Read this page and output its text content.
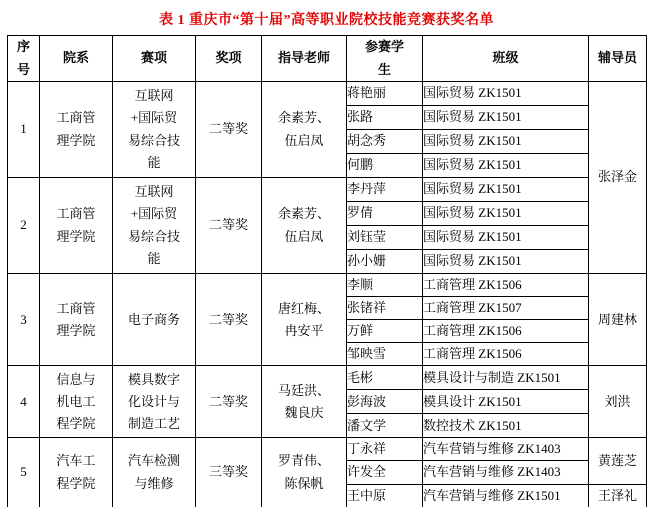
表 1 重庆市“第十届”高等职业院校技能竞赛获奖名单
序号	院系	赛项	奖项	指导老师	参赛学生	班级	辅导员

1	工商管理学院	互联网+国际贸易综合技能	二等奖	余素芳、伍启凤	蒋艳丽	国际贸易 ZK1501	张泽金
					张路	国际贸易 ZK1501	
					胡念秀	国际贸易 ZK1501	
					何鹏	国际贸易 ZK1501	
2	工商管理学院	互联网+国际贸易综合技能	二等奖	余素芳、伍启凤	李丹萍	国际贸易 ZK1501	
					罗倩	国际贸易 ZK1501	
					刘钰莹	国际贸易 ZK1501	
					孙小姗	国际贸易 ZK1501	
3	工商管理学院	电子商务	二等奖	唐红梅、冉安平	李顺	工商管理 ZK1506	周建林
					张锗祥	工商管理 ZK1507	
					万鲜	工商管理 ZK1506	
					邹映雪	工商管理 ZK1506	
4	信息与机电工程学院	模具数字化设计与制造工艺	二等奖	马廷洪、魏良庆	毛彬	模具设计与制造 ZK1501	刘洪
					彭海波	模具设计 ZK1501	
					潘文学	数控技术 ZK1501	
5	汽车工程学院	汽车检测与维修	三等奖	罗青伟、陈保帆	丁永祥	汽车营销与维修 ZK1403	黄莲芝
					许发全	汽车营销与维修 ZK1403	
					王中原	汽车营销与维修 ZK1501	王泽礼
